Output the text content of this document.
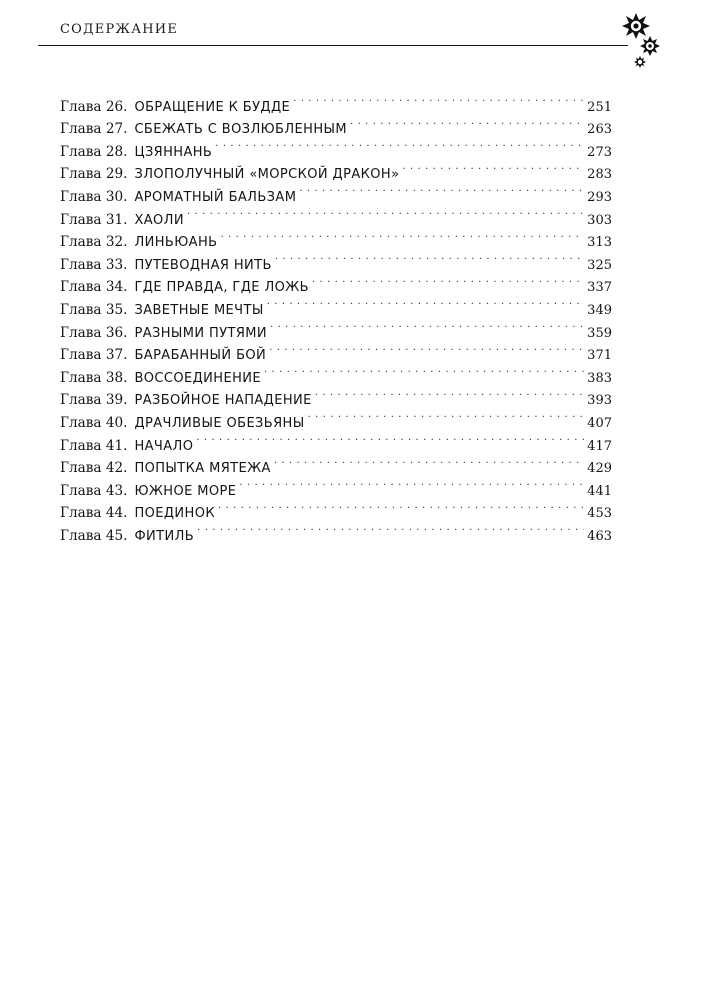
СОДЕРЖАНИЕ
Глава 26. ОБРАЩЕНИЕ К БУДДЕ . . .	251
Глава 27. СБЕЖАТЬ С ВОЗЛЮБЛЕННЫМ . . .	263
Глава 28. ЦЗЯННАНЬ . . .	273
Глава 29. ЗЛОПОЛУЧНЫЙ «МОРСКОЙ ДРАКОН» . . .	283
Глава 30. АРОМАТНЫЙ БАЛЬЗАМ . . .	293
Глава 31. ХАОЛИ . . .	303
Глава 32. ЛИНЬЮАНЬ . . .	313
Глава 33. ПУТЕВОДНАЯ НИТЬ . . .	325
Глава 34. ГДЕ ПРАВДА, ГДЕ ЛОЖЬ . . .	337
Глава 35. ЗАВЕТНЫЕ МЕЧТЫ . . .	349
Глава 36. РАЗНЫМИ ПУТЯМИ . . .	359
Глава 37. БАРАБАННЫЙ БОЙ . . .	371
Глава 38. ВОССОЕДИНЕНИЕ . . .	383
Глава 39. РАЗБОЙНОЕ НАПАДЕНИЕ . . .	393
Глава 40. ДРАЧЛИВЫЕ ОБЕЗЬЯНЫ . . .	407
Глава 41. НАЧАЛО . . .	417
Глава 42. ПОПЫТКА МЯТЕЖА . . .	429
Глава 43. ЮЖНОЕ МОРЕ . . .	441
Глава 44. ПОЕДИНОК . . .	453
Глава 45. ФИТИЛЬ . . .	463
